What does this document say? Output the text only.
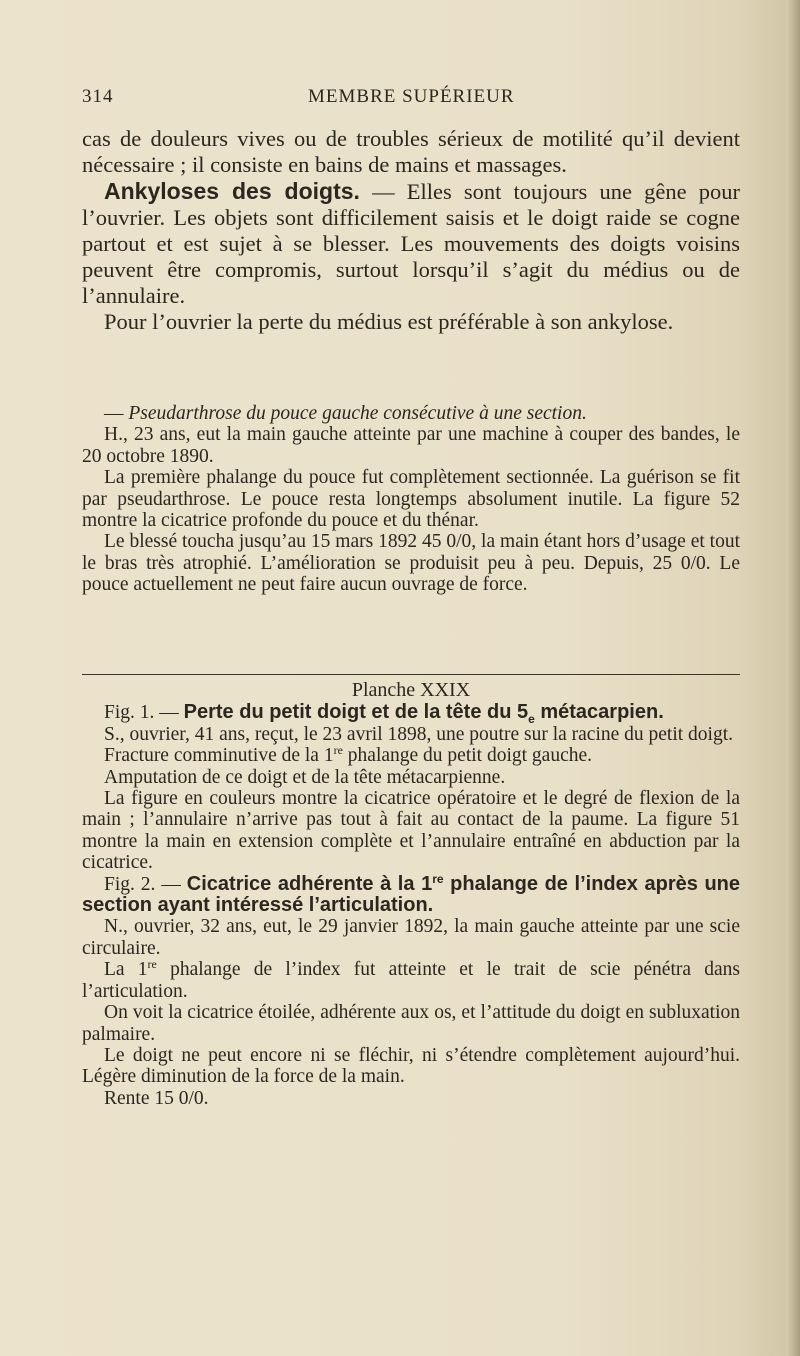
314	MEMBRE SUPÉRIEUR

cas de douleurs vives ou de troubles sérieux de motilité qu’il devient nécessaire ; il consiste en bains de mains et massages.

Ankyloses des doigts. — Elles sont toujours une gêne pour l’ouvrier. Les objets sont difficilement saisis et le doigt raide se cogne partout et est sujet à se blesser. Les mouvements des doigts voisins peuvent être compromis, surtout lorsqu’il s’agit du médius ou de l’annulaire.

Pour l’ouvrier la perte du médius est préférable à son ankylose.

— Pseudarthrose du pouce gauche consécutive à une section.

H., 23 ans, eut la main gauche atteinte par une machine à couper des bandes, le 20 octobre 1890.

La première phalange du pouce fut complètement sectionnée. La guérison se fit par pseudarthrose. Le pouce resta longtemps absolument inutile. La figure 52 montre la cicatrice profonde du pouce et du thénar.

Le blessé toucha jusqu’au 15 mars 1892 45 0/0, la main étant hors d’usage et tout le bras très atrophié. L’amélioration se produisit peu à peu. Depuis, 25 0/0. Le pouce actuellement ne peut faire aucun ouvrage de force.

Planche XXIX

Fig. 1. — Perte du petit doigt et de la tête du $5_e$ métacarpien.

S., ouvrier, 41 ans, reçut, le 23 avril 1898, une poutre sur la racine du petit doigt.

Fracture comminutive de la 1re phalange du petit doigt gauche.

Amputation de ce doigt et de la tête métacarpienne.

La figure en couleurs montre la cicatrice opératoire et le degré de flexion de la main ; l’annulaire n’arrive pas tout à fait au contact de la paume. La figure 51 montre la main en extension complète et l’annulaire entraîné en abduction par la cicatrice.

Fig. 2. — Cicatrice adhérente à la 1re phalange de l’index après une section ayant intéressé l’articulation.

N., ouvrier, 32 ans, eut, le 29 janvier 1892, la main gauche atteinte par une scie circulaire.

La 1re phalange de l’index fut atteinte et le trait de scie pénétra dans l’articulation.

On voit la cicatrice étoilée, adhérente aux os, et l’attitude du doigt en subluxation palmaire.

Le doigt ne peut encore ni se fléchir, ni s’étendre complètement aujourd’hui. Légère diminution de la force de la main.

Rente 15 0/0.
